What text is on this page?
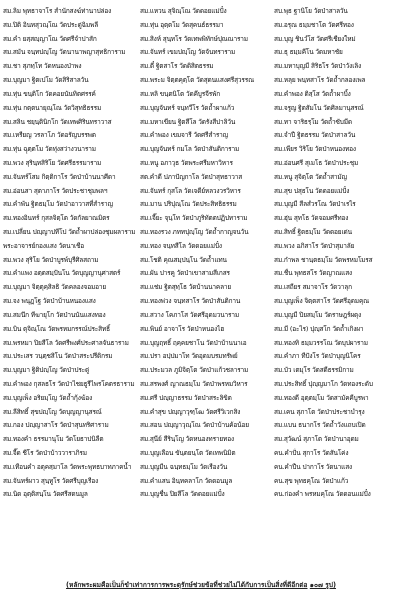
สม.ลิม พุทธาจาโร สำนักสงฆ์ท่านาปล่อง
สม.ปิติ อินทสุวณฺโณ วัดประดู่ฉิมพลี
สม.คำ ยสฺสญฺญาโณ วัดศรีจำปาสัก
สม.สมัน จนฺทปญฺโญ วัดนานาพญาสุทธิการาม
สม.ชา สุภทฺโท วัดหนองป่าพง
สม.บุญมา ฐิตเปโม วัดสิริสาลวัน
สม.ทุ่น ขนฺติโก วัดคอยนันทิตศรรค์
สม.ทุ่น กตฺตนายุณฺโณ วัดวิสุทธิธรรม
สม.สลิน ชยฺนฺตินิกโก วัดเทพศิรินทราวาส
สม.เหรียญ วรลาโภ วัดอรัญบรรพต
สม.ทุ่น ฉฺุตฺตโม วัดทุ่งสว่างวนาราม
สม.พวง สุรินฺทสิริโย วัดศรีธรรมาราม
สม.จันทร์โสม กิตฺติกาโร วัดป่าบ้านนาศีดา
สม.อ่อนสา สุตาภาโร วัดประชาชุมพลฯ
สม.คำพัน ฐิตธมฺโม วัดป่าอาวาสที่สำราญ
สม.ทองอินทร์ กุสลจิตฺโต วัดกัลยาณมิตร
สม.เปลี่ยน ปญฺญาปทีโป วัดถ้ำผาปล่องชุมผลาราม
พระอาจารย์กองแสง วัดนาเชือ
สม.พวง สุริโย วัดป่าบูรพ์บุรีศิลสถาม
สม.คำแพง อตฺตสมฺปันโน วัดบุญญานุศาสตร์
สม.บุญมา จิตฺตุคฺสิลธิ วัดคลองจอมอาย
สม.จง พนุฏโฐ วัดป่าบ้านหนองแสง
สม.สมนึก ทีฆายุโก วัดป่านนันแสงทอง
สม.บิน ตุจิณฺโณ วัดพรหมกรรณ์ประสิทธิ์
สม.พรหมา ปิยสีโล วัดศรีพงศ์ประศาลจันธาราม
สม.ประเสร วนฺตฺชสิโน วัดป่าสระปรีดิกรม
สม.บุญมา ฐิติปญฺโญ วัดป่าประดู่
สม.คำพอง กุสลธโร วัดป่าไชยธูรีไพรโคตรธาราม
สม.บุญเพ็ง อริยมฺโญ วัดถ้ำกุ้งฆ้อง
สม.ลีสิทธิ์ สุขปญฺโญ วัดบุญญานุสรณ์
สม.กอง ปญฺญาสาโร วัดป่าสุนทริศาราม
สม.ทองคำ ธรรมานุโม วัดโยธาปนิลีต
สม.จี๊ด ชีโร วัดป่าบ้าววาราภิรม
สม.เทือนคำ อตุคสฺมาโล วัดพระพุทธบาทภาคน้ำ
สม.จันทร์ผาว สุนฺทูโร วัดศรีบุญเรือง
สม.นิด อุตฺติสนฺโน วัดศรีสดนมูล
สม.แหวน สุจิณฺโณ วัดดอยแม่ปั๋ง
สม.ทุ่น อุตฺตโม วัดสุคนธ์ธรรมา
สม.สิงห์ สุนฺทโร วัดเทพพิทักษ์ปุณณาราม
สม.จันทร์ เขมปญฺโญ วัดจันทราราม
สม.ตี๋ ฐิตสาโร วัดดิสิตธรรม
สม.พระม จิตฺตคุตฺโต วัดสุดนแสงศรีสุวรรณ
สม.หลิ ขนฺตนิโต วัดคีบูรจีรพัก
สม.บุญจันทร์ จนฺทวีโร วัดถ้ำผาแก้ว
สม.มหาเขียน ฐิตสีโล วัดรังสีปาลิวัน
สม.คำพอง เขมจารี วัดศรีสำราญ
สม.บุญจันทร์ กมโล วัดป่าสันติการาม
สม.หนู อภาวุธ วัดพระศรีมหาวิหาร
สต.คำดี ปภาปัญกาโล วัดป่าสุทธาวาส
สม.จันทร์ กุสโล วัดเจดีย์หลวงวรวิหาร
สม.มาน ปริปุณฺโณ วัดประสิทธิธรรม
สม.เจี๊ยะ จุนฺโท วัดป่าภูริทัตตปฏิปทาราม
สม.ทองรวง ภททปุญฺโญ วัดถ้ำกาญจนวัน
สม.ทอง จนฺทสีโล วัดดอยแม่ปั๋ง
สม.โชติ คุณสมฺปนฺโน วัดถ้ำแทน
สม.ผัน ปารคู วัดป่าเขาสามสีเกสร
สม.แช่ม ฐิตสุทฺโธ วัดบ้านนาคลาย
สม.ทองพ่วง จนฺทสาโร วัดป่าสันติกาน
สม.สวาง โคภาโส วัดศรีอุดมวนาราม
สม.พินย์ อาจาโร วัดป่าหนองไฮ
สม.บุญฤทธิ์ ฤคฺคยชาโน วัดป่าบ้านนาเอ
สม.ปรา อปฺปมาโท วัดอุดมบรมทรัพย์
สม.ประมวล ภูมิจิตฺโต วัดป่าแก้วชลาราม
สม.สรพงศ์ ญาณธมฺโม วัดป่าพรหมวิหาร
สม.ศรี ปญฺญาธรรม วัดป่าสระลิขิต
สม.คำสุข ปญฺญาวุฑฺโฒ วัดศรีวิเวกสิง
สม.สอน ปญฺญาวุณฺโณ วัดป่าบ้านค้อน้อย
สม.สุนีย์ สีรินฺโญ วัดหนองทรายทอง
สม.บุญเลือน ขันฺตยนฺโต วัดเทพนิมิต
สม.บุญมีน ฉนฺทธมฺโม วัดเรืองวัน
สม.คำแสน อินฺทคลาโก วัดดอนมูล
สม.บุญชื่น ปิยสีโล วัดดอยแม่ปั๋ง
สบ.พุธ ฐานิโย วัดป่าสาลวัน
สม.อรุณ ธมฺมชาโต วัดศรีทอง
สม.บุญ ชินวํโส วัดศรีเชียงใหม่
สม.ธุ ธมฺมคีโน วัดมหาชัย
สม.มหาบุญมี สิริธโร วัดป่าวังเลิง
สม.หลุย พนฺทสาโร วัดถ้ำกลองเพล
สม.คำพอง ติสฺโส วัดถ้ำผาบิ้ง
สม.จรูญ ฐิตสัมโน วัดศิลมานุสรณ์
สม.ทา จาริธรฺโม วัดถ้ำซับมีด
สม.จำปี ฐิตธรรม วัดป่าสาลวัน
สม.เพียร วิริโย วัดป่าหนองทอง
สม.อ่อนศรี สุเมโธ วัดป่าประชุม
สม.หนู สุจิตฺโต วัดถ้ำสามัญ
สม.สุข ปสุธโน วัดดอยแม่ปั๋ง
สม.บุญมี สีลสํวรโณ วัดป่าเรไร
สม.ฮุ่น สุทโธ วัดจอมศรีทอง
สม.สิทธิ์ ฐิตธมฺโม วัดดอยเด่น
สม.พวง อภิสาโร วัดป่าสุมาลัย
สม.ก๋าพล ชานฺตธมฺโม วัดพรหมโมรส
สม.ชื่น พุทธสโร วัดญาณแสง
สม.เสถียร สมาจาโร วัดวาลุก
สม.บุญเพ็ง จิตฺตสาโร วัดศรีอุดมคุณ
สม.บุญมี ปิยสมฺโม วัดราษฎร์ผดุง
สม.มี (อะไร) ปุญฺสโก วัดถ้ำเกิงผา
สม.ทองทิ ธมฺมวรรโณ วัดบุปผาราม
สม.คำภา ทีปังโร วัดป่าบุญนิโคร
สม.บัว เตมุโร วัดสดีธรรมิกาม
สม.ประสิทธิ์ ปุญฺญมาโก วัดทองระดับ
สม.ทองดี อุตฺตมฺโม วัดสามัคคีบูรพา
สม.เคน สุภาโต วัดป่าประชาบำรุง
สม.แบน ธนากโร วัดถ้ำวังแถบเปิด
สม.สุวัฒน์ สุภาโต วัดป่านาอุดม
คน.คำปั่น สุกาโร วัดสันโค่ง
คน.คำปืน ปากาโร วัดนาแสง
คน.สุข พุทธคุโณ วัดป่าแก้ว
คน.ก่องคำ พรหมคุโณ วัดดอนแม่ปั๋ง
(หลักพระผมคือเป็นก็ขำเท่าการการพระดุรักษ์ช่วยข้อที่ช่วยไม่ได้กับการเป็นสิ่งที่ดีอีกต่อ ๑๐๗ รูป)
